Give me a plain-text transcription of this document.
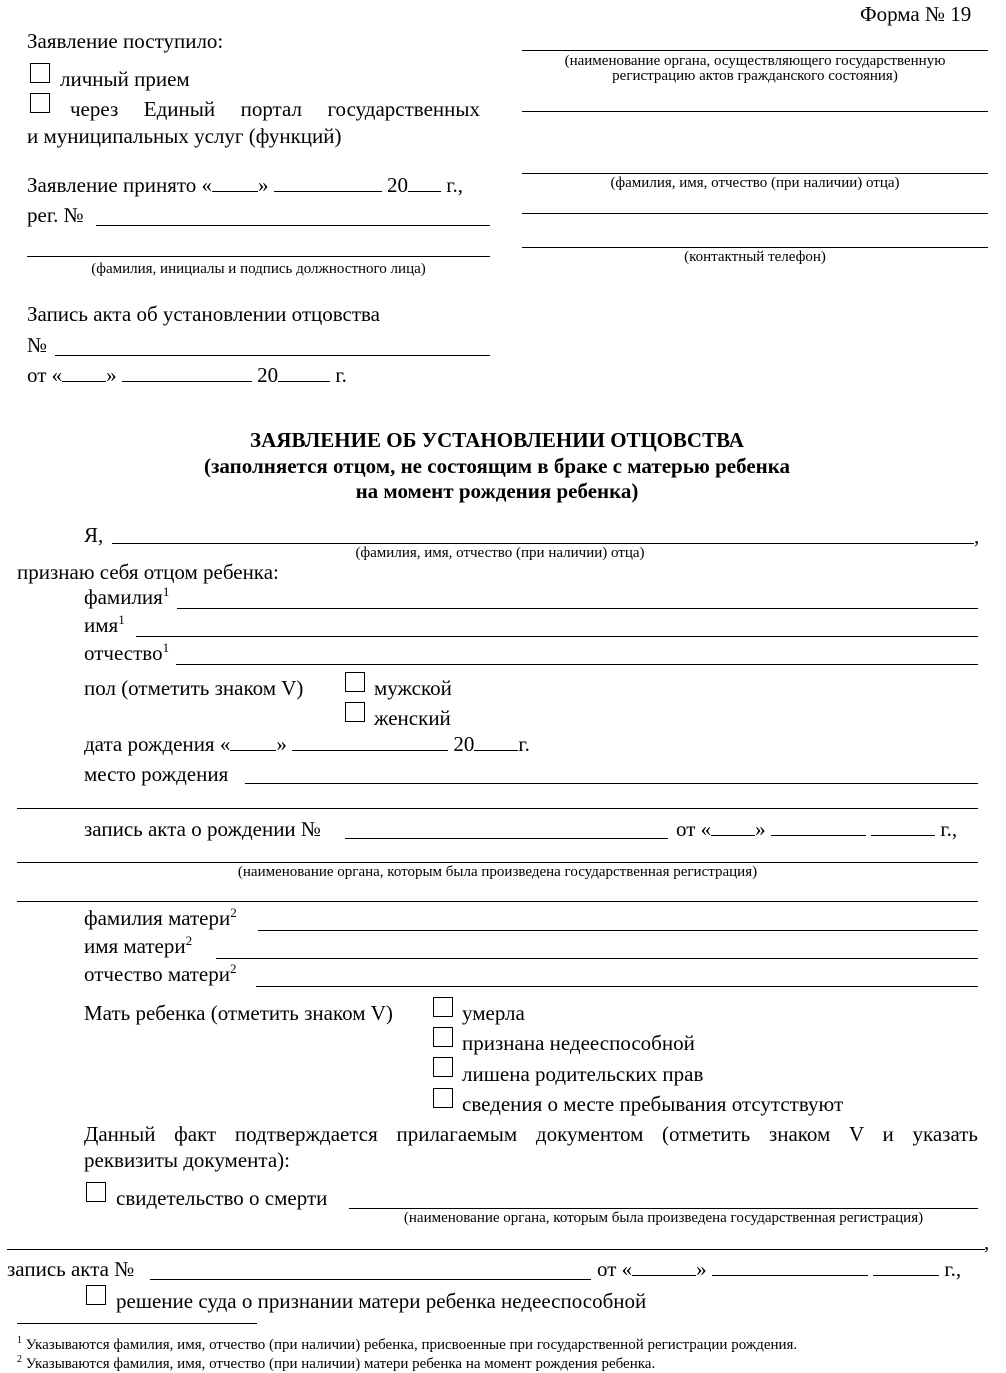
Форма № 19
Заявление поступило:
личный прием
через Единый портал государственных
и муниципальных услуг (функций)
Заявление принято « »	20 г.,
рег. №
(фамилия, инициалы и подпись должностного лица)
Запись акта об установлении отцовства
№
от « »	20	г.
(наименование органа, осуществляющего государственную
регистрацию актов гражданского состояния)
(фамилия, имя, отчество (при наличии) отца)
(контактный телефон)
ЗАЯВЛЕНИЕ ОБ УСТАНОВЛЕНИИ ОТЦОВСТВА
(заполняется отцом, не состоящим в браке с матерью ребенка
на момент рождения ребенка)
Я,	,
(фамилия, имя, отчество (при наличии) отца)
признаю себя отцом ребенка:
фамилия$^1$
имя$^1$
отчество$^1$
пол (отметить знаком V)	мужской
женский
дата рождения « »	20 г.
место рождения
запись акта о рождении №	от « »	г.,
(наименование органа, которым была произведена государственная регистрация)
фамилия матери$^2$
имя матери$^2$
отчество матери$^2$
Мать ребенка (отметить знаком V)	умерла
признана недееспособной
лишена родительских прав
сведения о месте пребывания отсутствуют
Данный факт подтверждается прилагаемым документом (отметить знаком V и указать
реквизиты документа):
свидетельство о смерти
(наименование органа, которым была произведена государственная регистрация)
,
запись акта №	от «	»	г.,
решение суда о признании матери ребенка недееспособной
$^1$ Указываются фамилия, имя, отчество (при наличии) ребенка, присвоенные при государственной регистрации рождения.
$^2$ Указываются фамилия, имя, отчество (при наличии) матери ребенка на момент рождения ребенка.
